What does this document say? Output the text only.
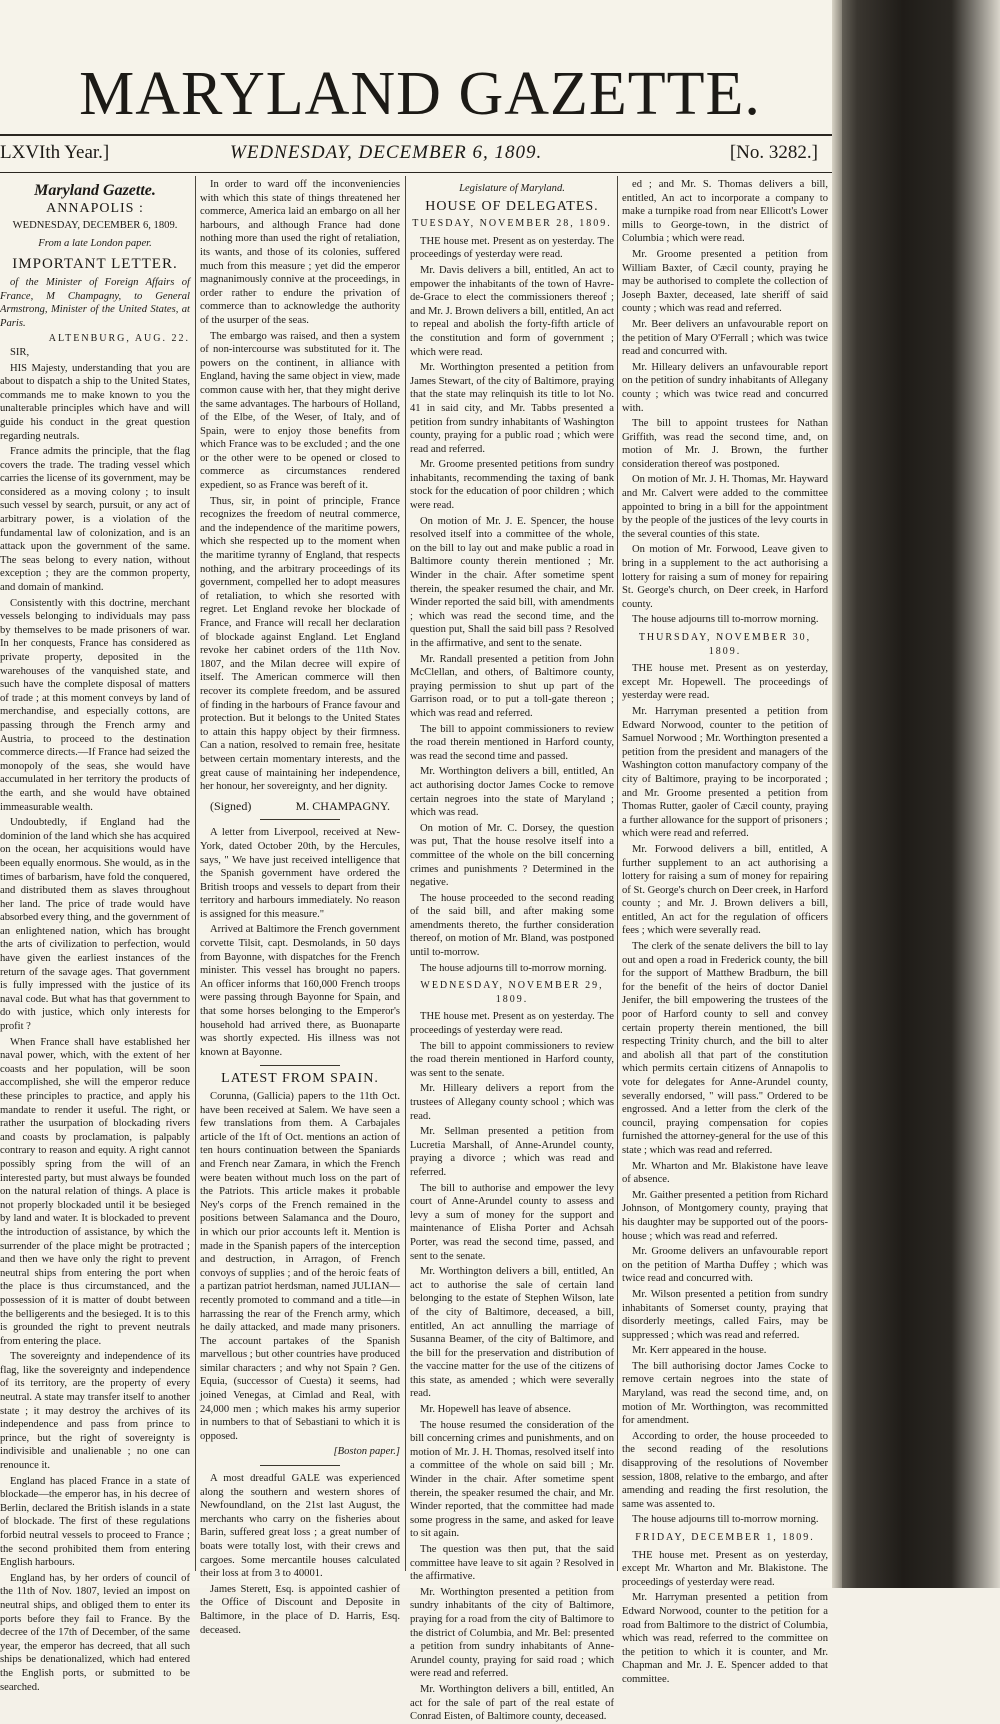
MARYLAND GAZETTE.
LXVIth Year.]	WEDNESDAY, DECEMBER 6, 1809.	[No. 3282.]
Maryland Gazette.
ANNAPOLIS :
WEDNESDAY, DECEMBER 6, 1809.
From a late London paper.
IMPORTANT LETTER.

of the Minister of Foreign Affairs of France, M Champagny, to General Armstrong, Minister of the United States, at Paris.

ALTENBURG, AUG. 22.

SIR,

HIS Majesty, understanding that you are about to dispatch a ship to the United States, commands me to make known to you the unalterable principles which have and will guide his conduct in the great question regarding neutrals.

France admits the principle, that the flag covers the trade. The trading vessel which carries the license of its government, may be considered as a moving colony ; to insult such vessel by search, pursuit, or any act of arbitrary power, is a violation of the fundamental law of colonization, and is an attack upon the government of the same. The seas belong to every nation, without exception ; they are the common property, and domain of mankind.

Consistently with this doctrine, merchant vessels belonging to individuals may pass by themselves to be made prisoners of war. In her conquests, France has considered as private property, deposited in the warehouses of the vanquished state, and such have the complete disposal of matters of trade ; at this moment conveys by land of merchandise, and especially cottons, are passing through the French army and Austria, to proceed to the destination commerce directs.—If France had seized the monopoly of the seas, she would have accumulated in her territory the products of the earth, and she would have obtained immeasurable wealth.

Undoubtedly, if England had the dominion of the land which she has acquired on the ocean, her acquisitions would have been equally enormous. She would, as in the times of barbarism, have fold the conquered, and distributed them as slaves throughout her land. The price of trade would have absorbed every thing, and the government of an enlightened nation, which has brought the arts of civilization to perfection, would have given the earliest instances of the return of the savage ages. That government is fully impressed with the justice of its naval code. But what has that government to do with justice, which only interests for profit ?

When France shall have established her naval power, which, with the extent of her coasts and her population, will be soon accomplished, she will the emperor reduce these principles to practice, and apply his mandate to render it useful. The right, or rather the usurpation of blockading rivers and coasts by proclamation, is palpably contrary to reason and equity. A right cannot possibly spring from the will of an interested party, but must always be founded on the natural relation of things. A place is not properly blockaded until it be besieged by land and water. It is blockaded to prevent the introduction of assistance, by which the surrender of the place might be protracted ; and then we have only the right to prevent neutral ships from entering the port when the place is thus circumstanced, and the possession of it is matter of doubt between the belligerents and the besieged. It is to this is grounded the right to prevent neutrals from entering the place.

The sovereignty and independence of its flag, like the sovereignty and independence of its territory, are the property of every neutral. A state may transfer itself to another state ; it may destroy the archives of its independence and pass from prince to prince, but the right of sovereignty is indivisible and unalienable ; no one can renounce it.

England has placed France in a state of blockade—the emperor has, in his decree of Berlin, declared the British islands in a state of blockade. The first of these regulations forbid neutral vessels to proceed to France ; the second prohibited them from entering English harbours.

England has, by her orders of council of the 11th of Nov. 1807, levied an impost on neutral ships, and obliged them to enter its ports before they fail to France. By the decree of the 17th of December, of the same year, the emperor has decreed, that all such ships be denationalized, which had entered the English ports, or submitted to be searched.

In order to ward off the inconveniencies with which this state of things threatened her commerce, America laid an embargo on all her harbours, and although France had done nothing more than used the right of retaliation, its wants, and those of its colonies, suffered much from this measure ; yet did the emperor magnanimously connive at the proceedings, in order rather to endure the privation of commerce than to acknowledge the authority of the usurper of the seas.

The embargo was raised, and then a system of non-intercourse was substituted for it. The powers on the continent, in alliance with England, having the same object in view, made common cause with her, that they might derive the same advantages. The harbours of Holland, of the Elbe, of the Weser, of Italy, and of Spain, were to enjoy those benefits from which France was to be excluded ; and the one or the other were to be opened or closed to commerce as circumstances rendered expedient, so as France was bereft of it.

Thus, sir, in point of principle, France recognizes the freedom of neutral commerce, and the independence of the maritime powers, which she respected up to the moment when the maritime tyranny of England, that respects nothing, and the arbitrary proceedings of its government, compelled her to adopt measures of retaliation, to which she resorted with regret. Let England revoke her blockade of France, and France will recall her declaration of blockade against England. Let England revoke her cabinet orders of the 11th Nov. 1807, and the Milan decree will expire of itself. The American commerce will then recover its complete freedom, and be assured of finding in the harbours of France favour and protection. But it belongs to the United States to attain this happy object by their firmness. Can a nation, resolved to remain free, hesitate between certain momentary interests, and the great cause of maintaining her independence, her honour, her sovereignty, and her dignity.

(Signed)	M. CHAMPAGNY.

A letter from Liverpool, received at New-York, dated October 20th, by the Hercules, says, " We have just received intelligence that the Spanish government have ordered the British troops and vessels to depart from their territory and harbours immediately. No reason is assigned for this measure."

Arrived at Baltimore the French government corvette Tilsit, capt. Desmolands, in 50 days from Bayonne, with dispatches for the French minister. This vessel has brought no papers. An officer informs that 160,000 French troops were passing through Bayonne for Spain, and that some horses belonging to the Emperor's household had arrived there, as Buonaparte was shortly expected. His illness was not known at Bayonne.

LATEST FROM SPAIN.

Corunna, (Gallicia) papers to the 11th Oct. have been received at Salem. We have seen a few translations from them. A Carbajales article of the 1ft of Oct. mentions an action of ten hours continuation between the Spaniards and French near Zamara, in which the French were beaten without much loss on the part of the Patriots. This article makes it probable Ney's corps of the French remained in the positions between Salamanca and the Douro, in which our prior accounts left it. Mention is made in the Spanish papers of the interception and destruction, in Arragon, of French convoys of supplies ; and of the heroic feats of a partizan patriot herdsman, named JULIAN—recently promoted to command and a title—in harrassing the rear of the French army, which he daily attacked, and made many prisoners. The account partakes of the Spanish marvellous ; but other countries have produced similar characters ; and why not Spain ? Gen. Equia, (successor of Cuesta) it seems, had joined Venegas, at Cimlad and Real, with 24,000 men ; which makes his army superior in numbers to that of Sebastiani to which it is opposed.

[Boston paper.]

A most dreadful GALE was experienced along the southern and western shores of Newfoundland, on the 21st last August, the merchants who carry on the fisheries about Barin, suffered great loss ; a great number of boats were totally lost, with their crews and cargoes. Some mercantile houses calculated their loss at from 3 to 40001.

James Sterett, Esq. is appointed cashier of the Office of Discount and Deposite in Baltimore, in the place of D. Harris, Esq. deceased.

Legislature of Maryland.
HOUSE OF DELEGATES.
TUESDAY, NOVEMBER 28, 1809.

THE house met. Present as on yesterday. The proceedings of yesterday were read.

Mr. Davis delivers a bill, entitled, An act to empower the inhabitants of the town of Havre-de-Grace to elect the commissioners thereof ; and Mr. J. Brown delivers a bill, entitled, An act to repeal and abolish the forty-fifth article of the constitution and form of government ; which were read.

Mr. Worthington presented a petition from James Stewart, of the city of Baltimore, praying that the state may relinquish its title to lot No. 41 in said city, and Mr. Tabbs presented a petition from sundry inhabitants of Washington county, praying for a public road ; which were read and referred.

Mr. Groome presented petitions from sundry inhabitants, recommending the taxing of bank stock for the education of poor children ; which were read.

On motion of Mr. J. E. Spencer, the house resolved itself into a committee of the whole, on the bill to lay out and make public a road in Baltimore county therein mentioned ; Mr. Winder in the chair. After sometime spent therein, the speaker resumed the chair, and Mr. Winder reported the said bill, with amendments ; which was read the second time, and the question put, Shall the said bill pass ? Resolved in the affirmative, and sent to the senate.

Mr. Randall presented a petition from John McClellan, and others, of Baltimore county, praying permission to shut up part of the Garrison road, or to put a toll-gate thereon ; which was read and referred.

The bill to appoint commissioners to review the road therein mentioned in Harford county, was read the second time and passed.

Mr. Worthington delivers a bill, entitled, An act authorising doctor James Cocke to remove certain negroes into the state of Maryland ; which was read.

On motion of Mr. C. Dorsey, the question was put, That the house resolve itself into a committee of the whole on the bill concerning crimes and punishments ? Determined in the negative.

The house proceeded to the second reading of the said bill, and after making some amendments thereto, the further consideration thereof, on motion of Mr. Bland, was postponed until to-morrow.

The house adjourns till to-morrow morning.

WEDNESDAY, NOVEMBER 29, 1809.

THE house met. Present as on yesterday. The proceedings of yesterday were read.

The bill to appoint commissioners to review the road therein mentioned in Harford county, was sent to the senate.

Mr. Hilleary delivers a report from the trustees of Allegany county school ; which was read.

Mr. Sellman presented a petition from Lucretia Marshall, of Anne-Arundel county, praying a divorce ; which was read and referred.

The bill to authorise and empower the levy court of Anne-Arundel county to assess and levy a sum of money for the support and maintenance of Elisha Porter and Achsah Porter, was read the second time, passed, and sent to the senate.

Mr. Worthington delivers a bill, entitled, An act to authorise the sale of certain land belonging to the estate of Stephen Wilson, late of the city of Baltimore, deceased, a bill, entitled, An act annulling the marriage of Susanna Beamer, of the city of Baltimore, and the bill for the preservation and distribution of the vaccine matter for the use of the citizens of this state, as amended ; which were severally read.

Mr. Hopewell has leave of absence.

The house resumed the consideration of the bill concerning crimes and punishments, and on motion of Mr. J. H. Thomas, resolved itself into a committee of the whole on said bill ; Mr. Winder in the chair. After sometime spent therein, the speaker resumed the chair, and Mr. Winder reported, that the committee had made some progress in the same, and asked for leave to sit again.

The question was then put, that the said committee have leave to sit again ? Resolved in the affirmative.

Mr. Worthington presented a petition from sundry inhabitants of the city of Baltimore, praying for a road from the city of Baltimore to the district of Columbia, and Mr. Bel: presented a petition from sundry inhabitants of Anne-Arundel county, praying for said road ; which were read and referred.

Mr. Worthington delivers a bill, entitled, An act for the sale of part of the real estate of Conrad Eisten, of Baltimore county, deceased.

ed ; and Mr. S. Thomas delivers a bill, entitled, An act to incorporate a company to make a turnpike road from near Ellicott's Lower mills to George-town, in the district of Columbia ; which were read.

Mr. Groome presented a petition from William Baxter, of Cæcil county, praying he may be authorised to complete the collection of Joseph Baxter, deceased, late sheriff of said county ; which was read and referred.

Mr. Beer delivers an unfavourable report on the petition of Mary O'Ferrall ; which was twice read and concurred with.

Mr. Hilleary delivers an unfavourable report on the petition of sundry inhabitants of Allegany county ; which was twice read and concurred with.

The bill to appoint trustees for Nathan Griffith, was read the second time, and, on motion of Mr. J. Brown, the further consideration thereof was postponed.

On motion of Mr. J. H. Thomas, Mr. Hayward and Mr. Calvert were added to the committee appointed to bring in a bill for the appointment by the people of the justices of the levy courts in the several counties of this state.

On motion of Mr. Forwood, Leave given to bring in a supplement to the act authorising a lottery for raising a sum of money for repairing St. George's church, on Deer creek, in Harford county.

The house adjourns till to-morrow morning.

THURSDAY, NOVEMBER 30, 1809.

THE house met. Present as on yesterday, except Mr. Hopewell. The proceedings of yesterday were read.

Mr. Harryman presented a petition from Edward Norwood, counter to the petition of Samuel Norwood ; Mr. Worthington presented a petition from the president and managers of the Washington cotton manufactory company of the city of Baltimore, praying to be incorporated ; and Mr. Groome presented a petition from Thomas Rutter, gaoler of Cæcil county, praying a further allowance for the support of prisoners ; which were read and referred.

Mr. Forwood delivers a bill, entitled, A further supplement to an act authorising a lottery for raising a sum of money for repairing of St. George's church on Deer creek, in Harford county ; and Mr. J. Brown delivers a bill, entitled, An act for the regulation of officers fees ; which were severally read.

The clerk of the senate delivers the bill to lay out and open a road in Frederick county, the bill for the support of Matthew Bradburn, the bill for the benefit of the heirs of doctor Daniel Jenifer, the bill empowering the trustees of the poor of Harford county to sell and convey certain property therein mentioned, the bill respecting Trinity church, and the bill to alter and abolish all that part of the constitution which permits certain citizens of Annapolis to vote for delegates for Anne-Arundel county, severally endorsed, " will pass." Ordered to be engrossed. And a letter from the clerk of the council, praying compensation for copies furnished the attorney-general for the use of this state ; which was read and referred.

Mr. Wharton and Mr. Blakistone have leave of absence.

Mr. Gaither presented a petition from Richard Johnson, of Montgomery county, praying that his daughter may be supported out of the poors-house ; which was read and referred.

Mr. Groome delivers an unfavourable report on the petition of Martha Duffey ; which was twice read and concurred with.

Mr. Wilson presented a petition from sundry inhabitants of Somerset county, praying that disorderly meetings, called Fairs, may be suppressed ; which was read and referred.

Mr. Kerr appeared in the house.

The bill authorising doctor James Cocke to remove certain negroes into the state of Maryland, was read the second time, and, on motion of Mr. Worthington, was recommitted for amendment.

According to order, the house proceeded to the second reading of the resolutions disapproving of the resolutions of November session, 1808, relative to the embargo, and after amending and reading the first resolution, the same was assented to.

The house adjourns till to-morrow morning.

FRIDAY, DECEMBER 1, 1809.

THE house met. Present as on yesterday, except Mr. Wharton and Mr. Blakistone. The proceedings of yesterday were read.

Mr. Harryman presented a petition from Edward Norwood, counter to the petition for a road from Baltimore to the district of Columbia, which was read, referred to the committee on the petition to which it is counter, and Mr. Chapman and Mr. J. E. Spencer added to that committee.
